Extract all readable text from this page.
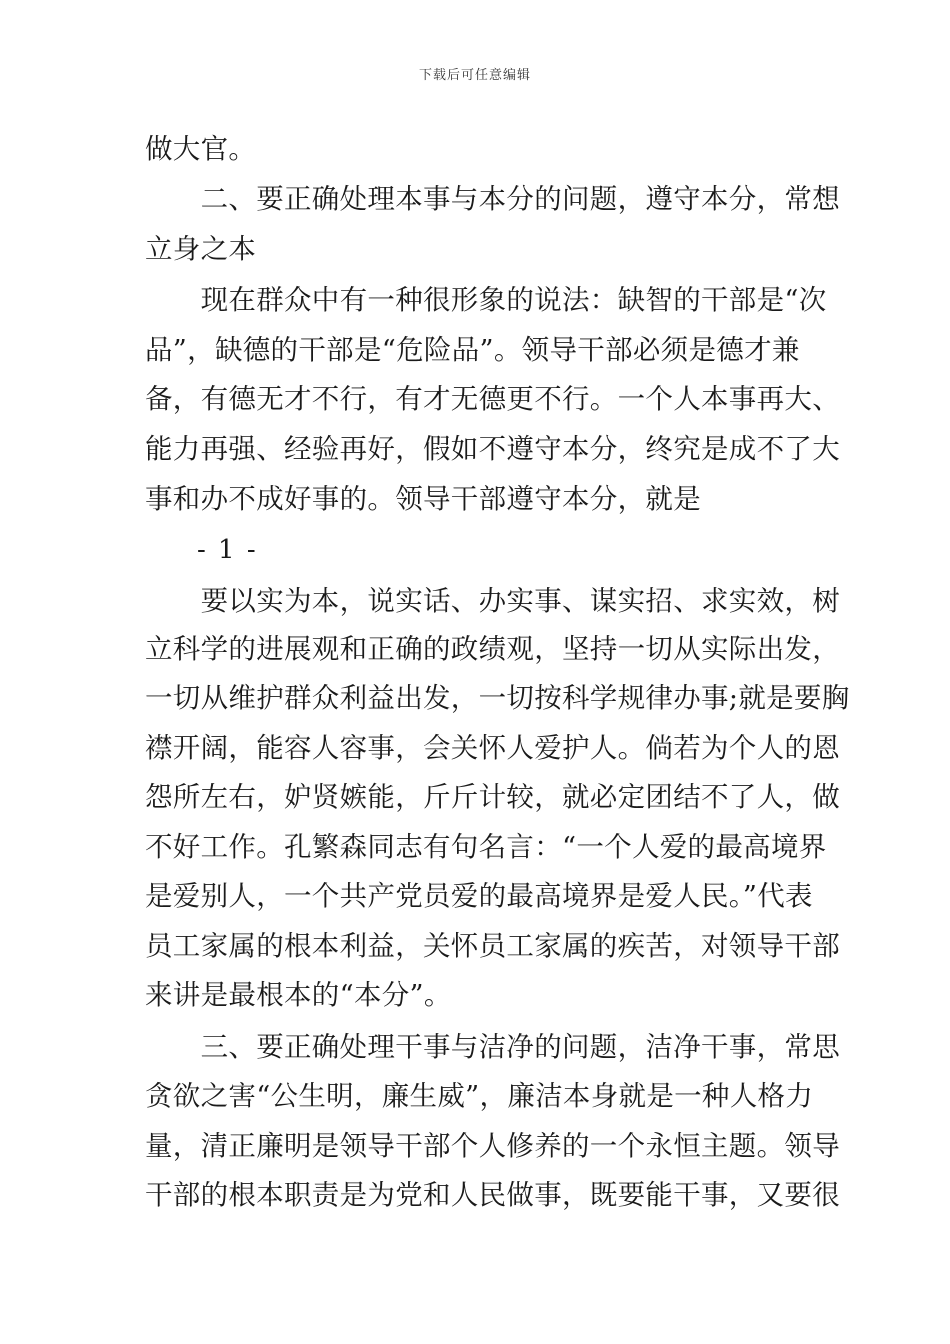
下载后可任意编辑
做大官。
　　二、要正确处理本事与本分的问题，遵守本分，常想
立身之本
　　现在群众中有一种很形象的说法：缺智的干部是“次
品”，缺德的干部是“危险品”。领导干部必须是德才兼
备，有德无才不行，有才无德更不行。一个人本事再大、
能力再强、经验再好，假如不遵守本分，终究是成不了大
事和办不成好事的。领导干部遵守本分，就是
- 1 -
　　要以实为本，说实话、办实事、谋实招、求实效，树
立科学的进展观和正确的政绩观，坚持一切从实际出发，
一切从维护群众利益出发，一切按科学规律办事;就是要胸
襟开阔，能容人容事，会关怀人爱护人。倘若为个人的恩
怨所左右，妒贤嫉能，斤斤计较，就必定团结不了人，做
不好工作。孔繁森同志有句名言：“一个人爱的最高境界
是爱别人，一个共产党员爱的最高境界是爱人民。”代表
员工家属的根本利益，关怀员工家属的疾苦，对领导干部
来讲是最根本的“本分”。
　　三、要正确处理干事与洁净的问题，洁净干事，常思
贪欲之害“公生明，廉生威”，廉洁本身就是一种人格力
量，清正廉明是领导干部个人修养的一个永恒主题。领导
干部的根本职责是为党和人民做事，既要能干事，又要很
